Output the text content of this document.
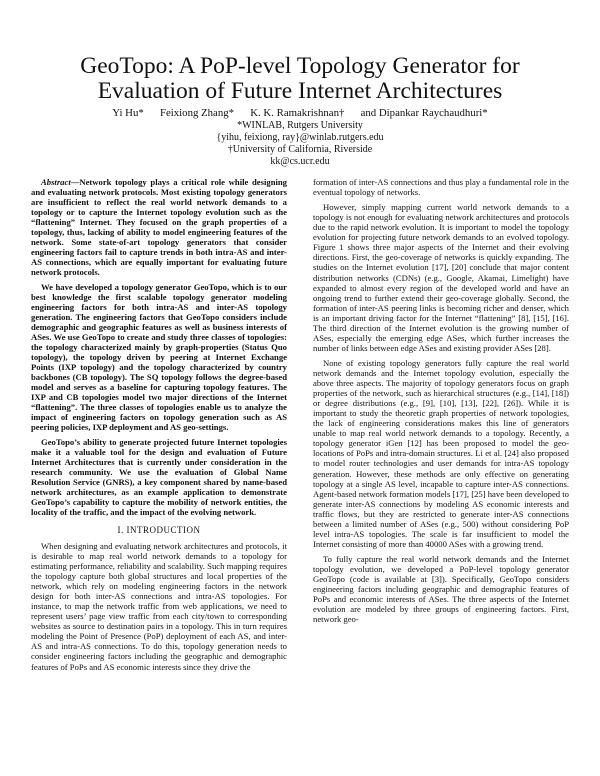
GeoTopo: A PoP-level Topology Generator for
Evaluation of Future Internet Architectures
Yi Hu*      Feixiong Zhang*      K. K. Ramakrishnan†      and Dipankar Raychaudhuri*
*WINLAB, Rutgers University
{yihu, feixiong, ray}@winlab.rutgers.edu
†University of California, Riverside
kk@cs.ucr.edu

Abstract—Network topology plays a critical role while designing and evaluating network protocols. Most existing topology generators are insufficient to reflect the real world network demands to a topology or to capture the Internet topology evolution such as the “flattening” Internet. They focused on the graph properties of a topology, thus, lacking of ability to model engineering features of the network. Some state-of-art topology generators that consider engineering factors fail to capture trends in both intra-AS and inter-AS connections, which are equally important for evaluating future network protocols.

We have developed a topology generator GeoTopo, which is to our best knowledge the first scalable topology generator modeling engineering factors for both intra-AS and inter-AS topology generation. The engineering factors that GeoTopo considers include demographic and geographic features as well as business interests of ASes. We use GeoTopo to create and study three classes of topologies: the topology characterized mainly by graph-properties (Status Quo topology), the topology driven by peering at Internet Exchange Points (IXP topology) and the topology characterized by country backbones (CB topology). The SQ topology follows the degree-based model and serves as a baseline for capturing topology features. The IXP and CB topologies model two major directions of the Internet “flattening”. The three classes of topologies enable us to analyze the impact of engineering factors on topology generation such as AS peering policies, IXP deployment and AS geo-settings.

GeoTopo’s ability to generate projected future Internet topologies make it a valuable tool for the design and evaluation of Future Internet Architectures that is currently under consideration in the research community. We use the evaluation of Global Name Resolution Service (GNRS), a key component shared by name-based network architectures, as an example application to demonstrate GeoTopo’s capability to capture the mobility of network entities, the locality of the traffic, and the impact of the evolving network.

I. INTRODUCTION

When designing and evaluating network architectures and protocols, it is desirable to map real world network demands to a topology for estimating performance, reliability and scalability. Such mapping requires the topology capture both global structures and local properties of the network, which rely on modeling engineering factors in the network design for both inter-AS connections and intra-AS topologies. For instance, to map the network traffic from web applications, we need to represent users’ page view traffic from each city/town to corresponding websites as source to destination pairs in a topology. This in turn requires modeling the Point of Presence (PoP) deployment of each AS, and inter-AS and intra-AS connections. To do this, topology generation needs to consider engineering factors including the geographic and demographic features of PoPs and AS economic interests since they drive the

formation of inter-AS connections and thus play a fundamental role in the eventual topology of networks.

However, simply mapping current world network demands to a topology is not enough for evaluating network architectures and protocols due to the rapid network evolution. It is important to model the topology evolution for projecting future network demands to an evolved topology. Figure 1 shows three major aspects of the Internet and their evolving directions. First, the geo-coverage of networks is quickly expanding. The studies on the Internet evolution [17], [20] conclude that major content distribution networks (CDNs) (e.g., Google, Akamai, Limelight) have expanded to almost every region of the developed world and have an ongoing trend to further extend their geo-coverage globally. Second, the formation of inter-AS peering links is becoming richer and denser, which is an important driving factor for the Internet “flattening” [8], [15], [16]. The third direction of the Internet evolution is the growing number of ASes, especially the emerging edge ASes, which further increases the number of links between edge ASes and existing provider ASes [28].

None of existing topology generators fully capture the real world network demands and the Internet topology evolution, especially the above three aspects. The majority of topology generators focus on graph properties of the network, such as hierarchical structures (e.g., [14], [18]) or degree distributions (e.g., [9], [10], [13], [22], [26]). While it is important to study the theoretic graph properties of network topologies, the lack of engineering considerations makes this line of generators unable to map real world network demands to a topology. Recently, a topology generator iGen [12] has been proposed to model the geo-locations of PoPs and intra-domain structures. Li et al. [24] also proposed to model router technologies and user demands for intra-AS topology generation. However, these methods are only effective on generating topology at a single AS level, incapable to capture inter-AS connections. Agent-based network formation models [17], [25] have been developed to generate inter-AS connections by modeling AS economic interests and traffic flows, but they are restricted to generate inter-AS connections between a limited number of ASes (e.g., 500) without considering PoP level intra-AS topologies. The scale is far insufficient to model the Internet consisting of more than 40000 ASes with a growing trend.

To fully capture the real world network demands and the Internet topology evolution, we developed a PoP-level topology generator GeoTopo (code is available at [3]). Specifically, GeoTopo considers engineering factors including geographic and demographic features of PoPs and economic interests of ASes. The three aspects of the Internet evolution are modeled by three groups of engineering factors. First, network geo-
